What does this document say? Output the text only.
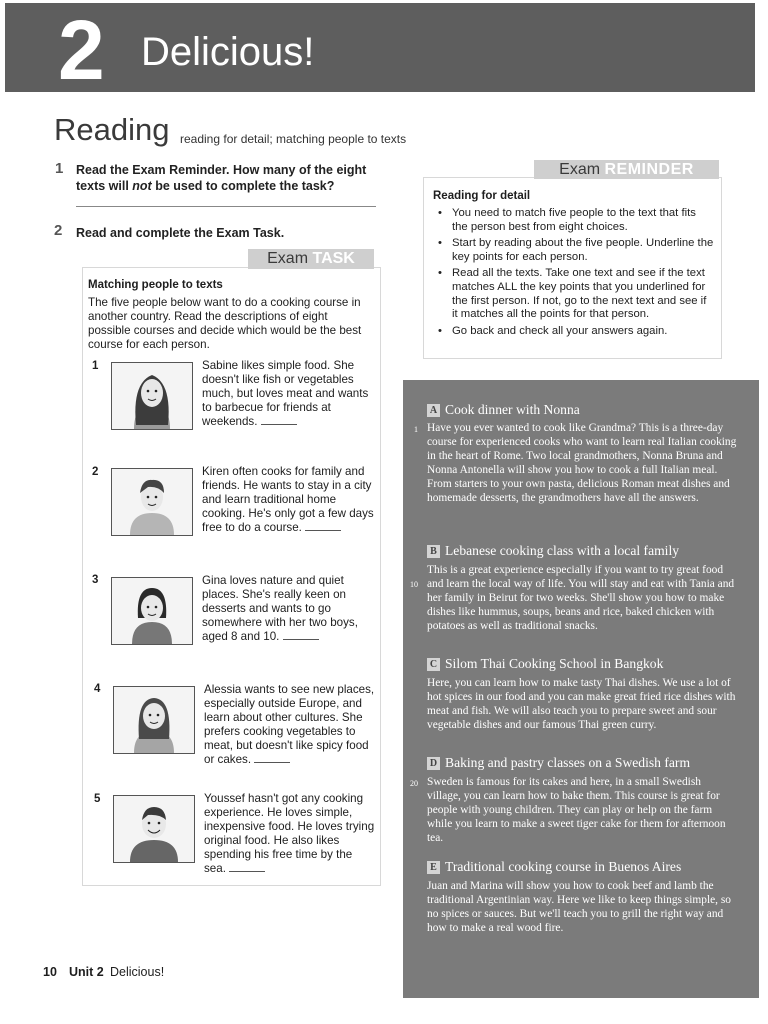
2 Delicious!
Reading reading for detail; matching people to texts
1 Read the Exam Reminder. How many of the eight texts will not be used to complete the task?
2 Read and complete the Exam Task.
Exam REMINDER
Reading for detail
• You need to match five people to the text that fits the person best from eight choices.
• Start by reading about the five people. Underline the key points for each person.
• Read all the texts. Take one text and see if the text matches ALL the key points that you underlined for the first person. If not, go to the next text and see if it matches all the points for that person.
• Go back and check all your answers again.
Exam TASK
Matching people to texts
The five people below want to do a cooking course in another country. Read the descriptions of eight possible courses and decide which would be the best course for each person.
1	Sabine likes simple food. She doesn't like fish or vegetables much, but loves meat and wants to barbecue for friends at weekends.
2	Kiren often cooks for family and friends. He wants to stay in a city and learn traditional home cooking. He's only got a few days free to do a course.
3	Gina loves nature and quiet places. She's really keen on desserts and wants to go somewhere with her two boys, aged 8 and 10.
4	Alessia wants to see new places, especially outside Europe, and learn about other cultures. She prefers cooking vegetables to meat, but doesn't like spicy food or cakes.
5	Youssef hasn't got any cooking experience. He loves simple, inexpensive food. He loves trying original food. He also likes spending his free time by the sea.
A Cook dinner with Nonna
1 Have you ever wanted to cook like Grandma? This is a three-day course for experienced cooks who want to learn real Italian cooking in the heart of Rome. Two local grandmothers, Nonna Bruna and Nonna Antonella will show you how to cook a full Italian meal. From starters to your own pasta, delicious Roman meat dishes and homemade desserts, the grandmothers have all the answers.
B Lebanese cooking class with a local family
10
This is a great experience especially if you want to try great food and learn the local way of life. You will stay and eat with Tania and her family in Beirut for two weeks. She'll show you how to make dishes like hummus, soups, beans and rice, baked chicken with potatoes as well as traditional snacks.
C Silom Thai Cooking School in Bangkok
Here, you can learn how to make tasty Thai dishes. We use a lot of hot spices in our food and you can make great fried rice dishes with meat and fish. We will also teach you to prepare sweet and sour vegetable dishes and our famous Thai green curry.
D Baking and pastry classes on a Swedish farm
20 Sweden is famous for its cakes and here, in a small Swedish village, you can learn how to bake them. This course is great for people with young children. They can play or help on the farm while you learn to make a sweet tiger cake for them for afternoon tea.
E Traditional cooking course in Buenos Aires
Juan and Marina will show you how to cook beef and lamb the traditional Argentinian way. Here we like to keep things simple, so no spices or sauces. But we'll teach you to grill the right way and how to make a real wood fire.
10 Unit 2 Delicious!
